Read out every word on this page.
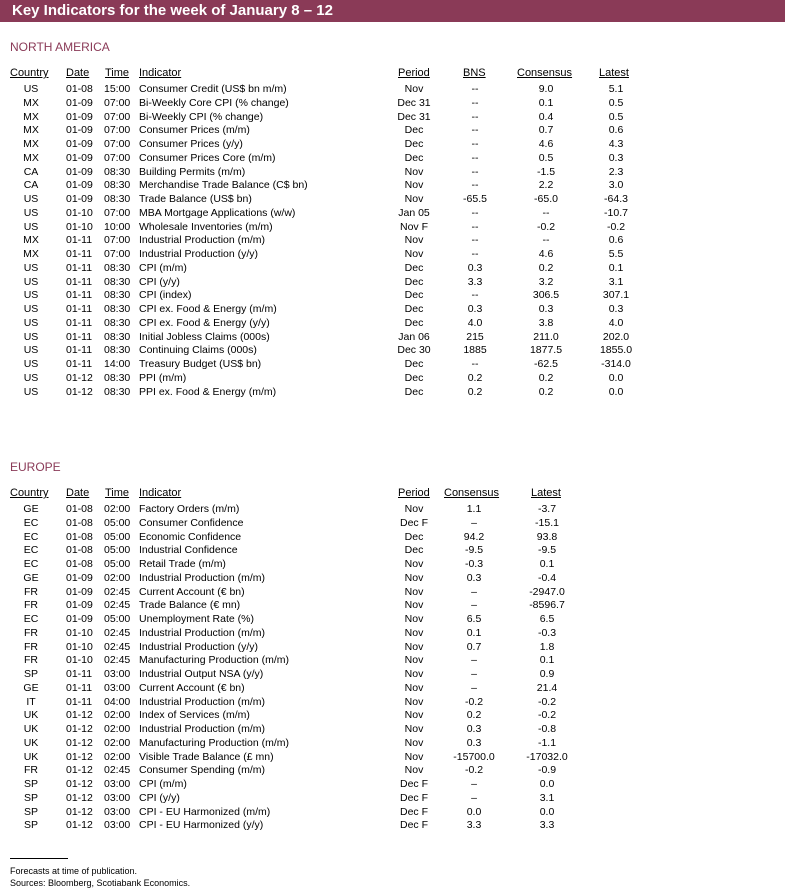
Key Indicators for the week of January 8 – 12
NORTH AMERICA
Country Date Time Indicator	Period	BNS	Consensus Latest
US	01-08 15:00 Consumer Credit (US$ bn m/m)	Nov	--	9.0	5.1
MX	01-09 07:00 Bi-Weekly Core CPI (% change)	Dec 31	--	0.1	0.5
MX	01-09 07:00 Bi-Weekly CPI (% change)	Dec 31	--	0.4	0.5
MX	01-09 07:00 Consumer Prices (m/m)	Dec	--	0.7	0.6
MX	01-09 07:00 Consumer Prices (y/y)	Dec	--	4.6	4.3
MX	01-09 07:00 Consumer Prices Core (m/m)	Dec	--	0.5	0.3
CA	01-09 08:30 Building Permits (m/m)	Nov	--	-1.5	2.3
CA	01-09 08:30 Merchandise Trade Balance (C$ bn)	Nov	--	2.2	3.0
US	01-09 08:30 Trade Balance (US$ bn)	Nov	-65.5	-65.0	-64.3
US	01-10 07:00 MBA Mortgage Applications (w/w)	Jan 05	--	--	-10.7
US	01-10 10:00 Wholesale Inventories (m/m)	Nov F	--	-0.2	-0.2
MX	01-11 07:00 Industrial Production (m/m)	Nov	--	--	0.6
MX	01-11 07:00 Industrial Production (y/y)	Nov	--	4.6	5.5
US	01-11 08:30 CPI (m/m)	Dec	0.3	0.2	0.1
US	01-11 08:30 CPI (y/y)	Dec	3.3	3.2	3.1
US	01-11 08:30 CPI (index)	Dec	--	306.5	307.1
US	01-11 08:30 CPI ex. Food & Energy (m/m)	Dec	0.3	0.3	0.3
US	01-11 08:30 CPI ex. Food & Energy (y/y)	Dec	4.0	3.8	4.0
US	01-11 08:30 Initial Jobless Claims (000s)	Jan 06	215	211.0	202.0
US	01-11 08:30 Continuing Claims (000s)	Dec 30	1885	1877.5	1855.0
US	01-11 14:00 Treasury Budget (US$ bn)	Dec	--	-62.5	-314.0
US	01-12 08:30 PPI (m/m)	Dec	0.2	0.2	0.0
US	01-12 08:30 PPI ex. Food & Energy (m/m)	Dec	0.2	0.2	0.0
EUROPE
Country Date Time Indicator	Period Consensus	Latest
GE	01-08 02:00 Factory Orders (m/m)	Nov	1.1	-3.7
EC	01-08 05:00 Consumer Confidence	Dec F	–	-15.1
EC	01-08 05:00 Economic Confidence	Dec	94.2	93.8
EC	01-08 05:00 Industrial Confidence	Dec	-9.5	-9.5
EC	01-08 05:00 Retail Trade (m/m)	Nov	-0.3	0.1
GE	01-09 02:00 Industrial Production (m/m)	Nov	0.3	-0.4
FR	01-09 02:45 Current Account (€ bn)	Nov	–	-2947.0
FR	01-09 02:45 Trade Balance (€ mn)	Nov	–	-8596.7
EC	01-09 05:00 Unemployment Rate (%)	Nov	6.5	6.5
FR	01-10 02:45 Industrial Production (m/m)	Nov	0.1	-0.3
FR	01-10 02:45 Industrial Production (y/y)	Nov	0.7	1.8
FR	01-10 02:45 Manufacturing Production (m/m)	Nov	–	0.1
SP	01-11 03:00 Industrial Output NSA (y/y)	Nov	–	0.9
GE	01-11 03:00 Current Account (€ bn)	Nov	–	21.4
IT	01-11 04:00 Industrial Production (m/m)	Nov	-0.2	-0.2
UK	01-12 02:00 Index of Services (m/m)	Nov	0.2	-0.2
UK	01-12 02:00 Industrial Production (m/m)	Nov	0.3	-0.8
UK	01-12 02:00 Manufacturing Production (m/m)	Nov	0.3	-1.1
UK	01-12 02:00 Visible Trade Balance (£ mn)	Nov	-15700.0	-17032.0
FR	01-12 02:45 Consumer Spending (m/m)	Nov	-0.2	-0.9
SP	01-12 03:00 CPI (m/m)	Dec F	–	0.0
SP	01-12 03:00 CPI (y/y)	Dec F	–	3.1
SP	01-12 03:00 CPI - EU Harmonized (m/m)	Dec F	0.0	0.0
SP	01-12 03:00 CPI - EU Harmonized (y/y)	Dec F	3.3	3.3
Forecasts at time of publication.
Sources: Bloomberg, Scotiabank Economics.
